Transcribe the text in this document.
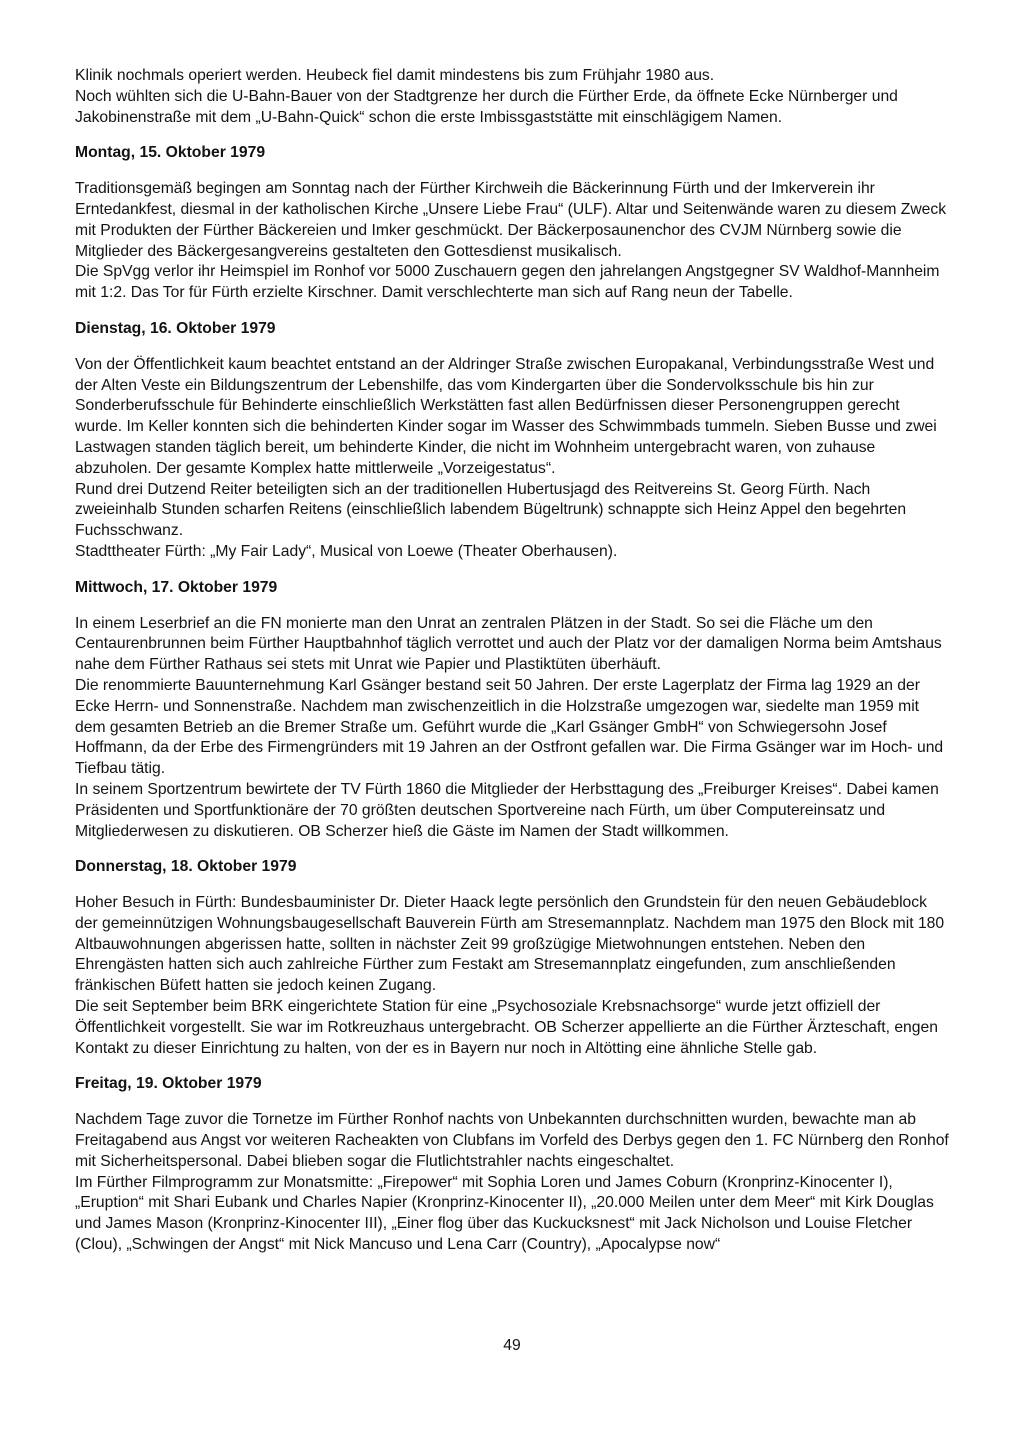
Klinik nochmals operiert werden. Heubeck fiel damit mindestens bis zum Frühjahr 1980 aus.

Noch wühlten sich die U-Bahn-Bauer von der Stadtgrenze her durch die Fürther Erde, da öffnete Ecke Nürnberger und Jakobinenstraße mit dem „U-Bahn-Quick“ schon die erste Imbissgaststätte mit einschlägigem Namen.

Montag, 15. Oktober 1979

Traditionsgemäß begingen am Sonntag nach der Fürther Kirchweih die Bäckerinnung Fürth und der Imkerverein ihr Erntedankfest, diesmal in der katholischen Kirche „Unsere Liebe Frau“ (ULF). Altar und Seitenwände waren zu diesem Zweck mit Produkten der Fürther Bäckereien und Imker geschmückt. Der Bäckerposaunenchor des CVJM Nürnberg sowie die Mitglieder des Bäckergesangvereins gestalteten den Gottesdienst musikalisch.

Die SpVgg verlor ihr Heimspiel im Ronhof vor 5000 Zuschauern gegen den jahrelangen Angstgegner SV Waldhof-Mannheim mit 1:2. Das Tor für Fürth erzielte Kirschner. Damit verschlechterte man sich auf Rang neun der Tabelle.

Dienstag, 16. Oktober 1979

Von der Öffentlichkeit kaum beachtet entstand an der Aldringer Straße zwischen Europakanal, Verbindungsstraße West und der Alten Veste ein Bildungszentrum der Lebenshilfe, das vom Kindergarten über die Sondervolksschule bis hin zur Sonderberufsschule für Behinderte einschließlich Werkstätten fast allen Bedürfnissen dieser Personengruppen gerecht wurde. Im Keller konnten sich die behinderten Kinder sogar im Wasser des Schwimmbads tummeln. Sieben Busse und zwei Lastwagen standen täglich bereit, um behinderte Kinder, die nicht im Wohnheim untergebracht waren, von zuhause abzuholen. Der gesamte Komplex hatte mittlerweile „Vorzeigestatus“.

Rund drei Dutzend Reiter beteiligten sich an der traditionellen Hubertusjagd des Reitvereins St. Georg Fürth. Nach zweieinhalb Stunden scharfen Reitens (einschließlich labendem Bügeltrunk) schnappte sich Heinz Appel den begehrten Fuchsschwanz.

Stadttheater Fürth: „My Fair Lady“, Musical von Loewe (Theater Oberhausen).

Mittwoch, 17. Oktober 1979

In einem Leserbrief an die FN monierte man den Unrat an zentralen Plätzen in der Stadt. So sei die Fläche um den Centaurenbrunnen beim Fürther Hauptbahnhof täglich verrottet und auch der Platz vor der damaligen Norma beim Amtshaus nahe dem Fürther Rathaus sei stets mit Unrat wie Papier und Plastiktüten überhäuft.

Die renommierte Bauunternehmung Karl Gsänger bestand seit 50 Jahren. Der erste Lagerplatz der Firma lag 1929 an der Ecke Herrn- und Sonnenstraße. Nachdem man zwischenzeitlich in die Holzstraße umgezogen war, siedelte man 1959 mit dem gesamten Betrieb an die Bremer Straße um. Geführt wurde die „Karl Gsänger GmbH“ von Schwiegersohn Josef Hoffmann, da der Erbe des Firmengründers mit 19 Jahren an der Ostfront gefallen war. Die Firma Gsänger war im Hoch- und Tiefbau tätig.

In seinem Sportzentrum bewirtete der TV Fürth 1860 die Mitglieder der Herbsttagung des „Freiburger Kreises“. Dabei kamen Präsidenten und Sportfunktionäre der 70 größten deutschen Sportvereine nach Fürth, um über Computereinsatz und Mitgliederwesen zu diskutieren. OB Scherzer hieß die Gäste im Namen der Stadt willkommen.

Donnerstag, 18. Oktober 1979

Hoher Besuch in Fürth: Bundesbauminister Dr. Dieter Haack legte persönlich den Grundstein für den neuen Gebäudeblock der gemeinnützigen Wohnungsbaugesellschaft Bauverein Fürth am Stresemannplatz. Nachdem man 1975 den Block mit 180 Altbauwohnungen abgerissen hatte, sollten in nächster Zeit 99 großzügige Mietwohnungen entstehen. Neben den Ehrengästen hatten sich auch zahlreiche Fürther zum Festakt am Stresemannplatz eingefunden, zum anschließenden fränkischen Büfett hatten sie jedoch keinen Zugang.

Die seit September beim BRK eingerichtete Station für eine „Psychosoziale Krebsnachsorge“ wurde jetzt offiziell der Öffentlichkeit vorgestellt. Sie war im Rotkreuzhaus untergebracht. OB Scherzer appellierte an die Fürther Ärzteschaft, engen Kontakt zu dieser Einrichtung zu halten, von der es in Bayern nur noch in Altötting eine ähnliche Stelle gab.

Freitag, 19. Oktober 1979

Nachdem Tage zuvor die Tornetze im Fürther Ronhof nachts von Unbekannten durchschnitten wurden, bewachte man ab Freitagabend aus Angst vor weiteren Racheakten von Clubfans im Vorfeld des Derbys gegen den 1. FC Nürnberg den Ronhof mit Sicherheitspersonal. Dabei blieben sogar die Flutlichtstrahler nachts eingeschaltet.

Im Fürther Filmprogramm zur Monatsmitte: „Firepower“ mit Sophia Loren und James Coburn (Kronprinz-Kinocenter I), „Eruption“ mit Shari Eubank und Charles Napier (Kronprinz-Kinocenter II), „20.000 Meilen unter dem Meer“ mit Kirk Douglas und James Mason (Kronprinz-Kinocenter III), „Einer flog über das Kuckucksnest“ mit Jack Nicholson und Louise Fletcher (Clou), „Schwingen der Angst“ mit Nick Mancuso und Lena Carr (Country), „Apocalypse now“

49
